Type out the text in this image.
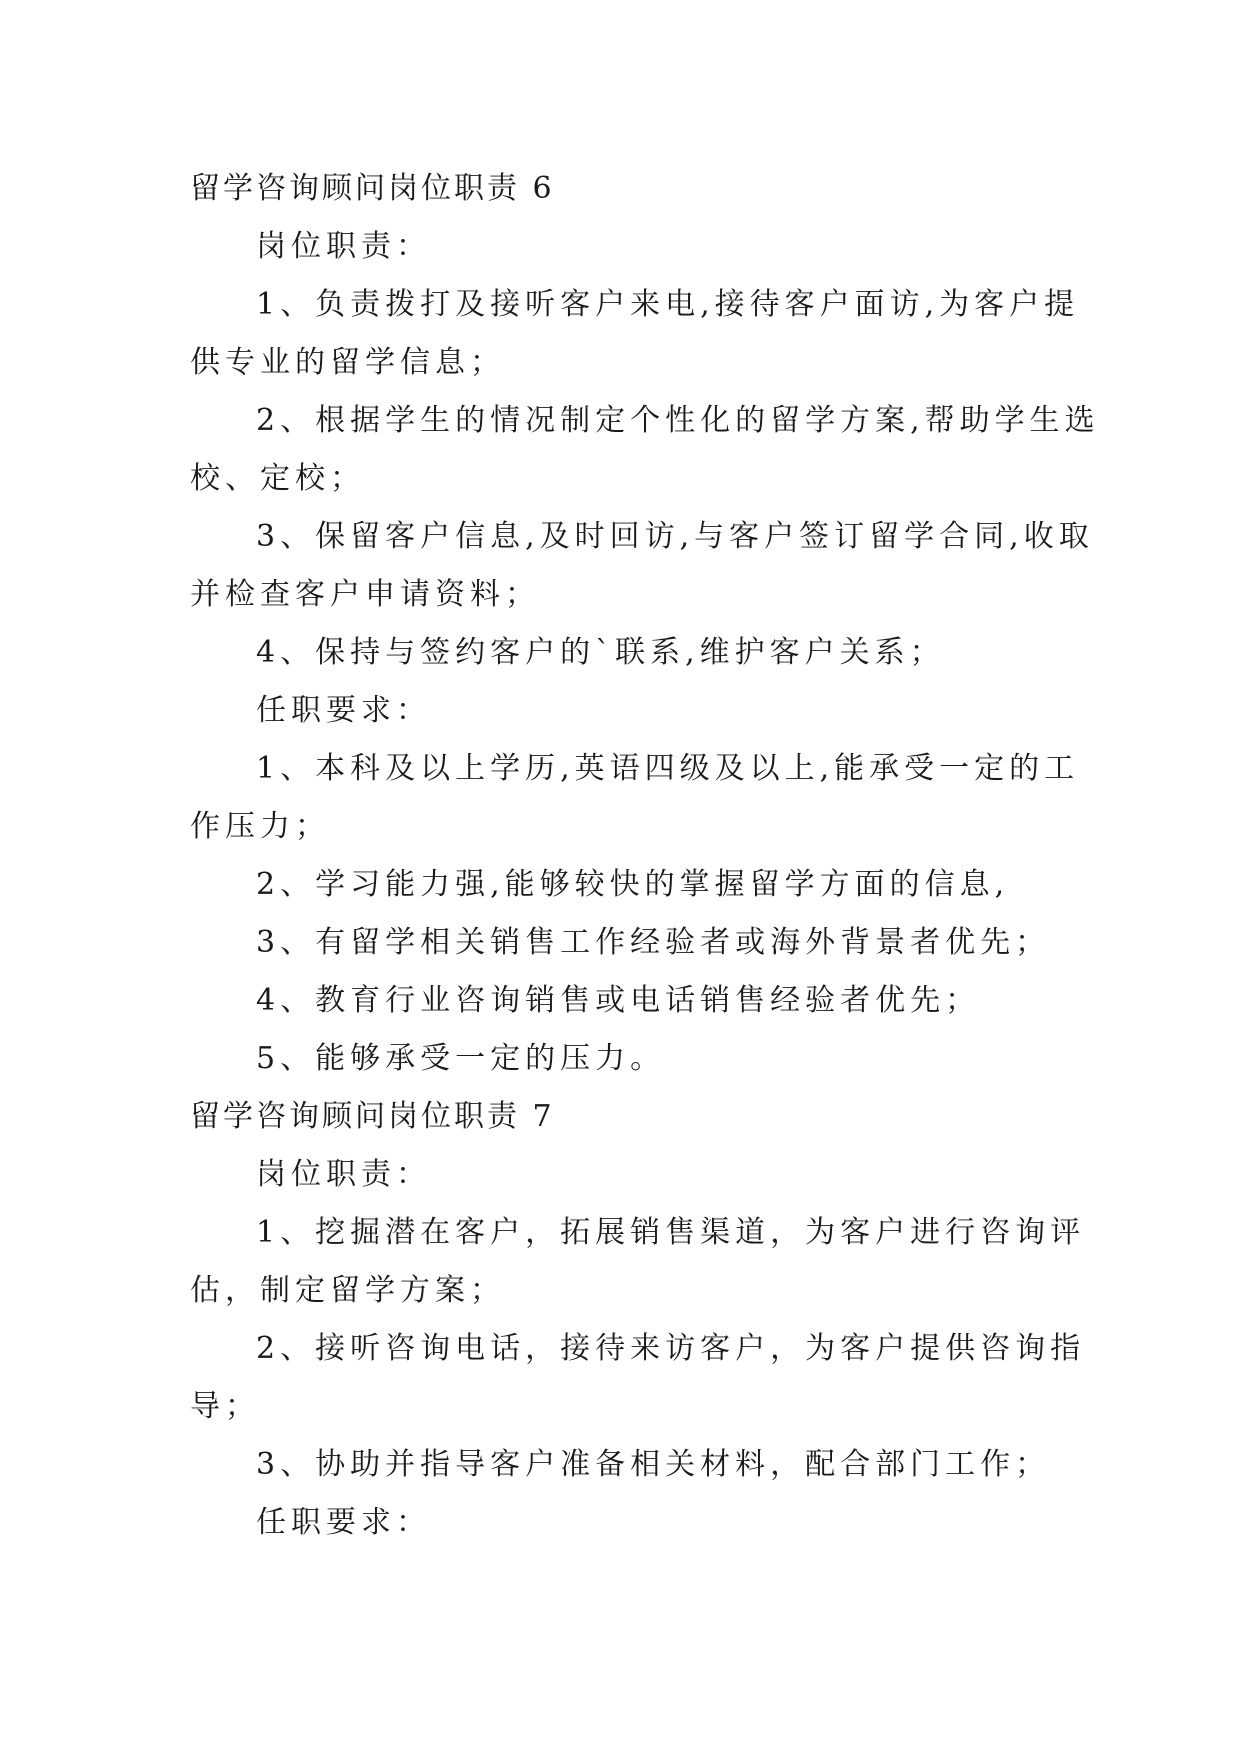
留学咨询顾问岗位职责 6
岗位职责：
1、负责拨打及接听客户来电,接待客户面访,为客户提
供专业的留学信息；
2、根据学生的情况制定个性化的留学方案,帮助学生选
校、定校；
3、保留客户信息,及时回访,与客户签订留学合同,收取
并检查客户申请资料；
4、保持与签约客户的`联系,维护客户关系；
任职要求：
1、本科及以上学历,英语四级及以上,能承受一定的工
作压力；
2、学习能力强,能够较快的掌握留学方面的信息,
3、有留学相关销售工作经验者或海外背景者优先；
4、教育行业咨询销售或电话销售经验者优先；
5、能够承受一定的压力。
留学咨询顾问岗位职责 7
岗位职责：
1、挖掘潜在客户，拓展销售渠道，为客户进行咨询评
估，制定留学方案；
2、接听咨询电话，接待来访客户，为客户提供咨询指
导；
3、协助并指导客户准备相关材料，配合部门工作；
任职要求：
